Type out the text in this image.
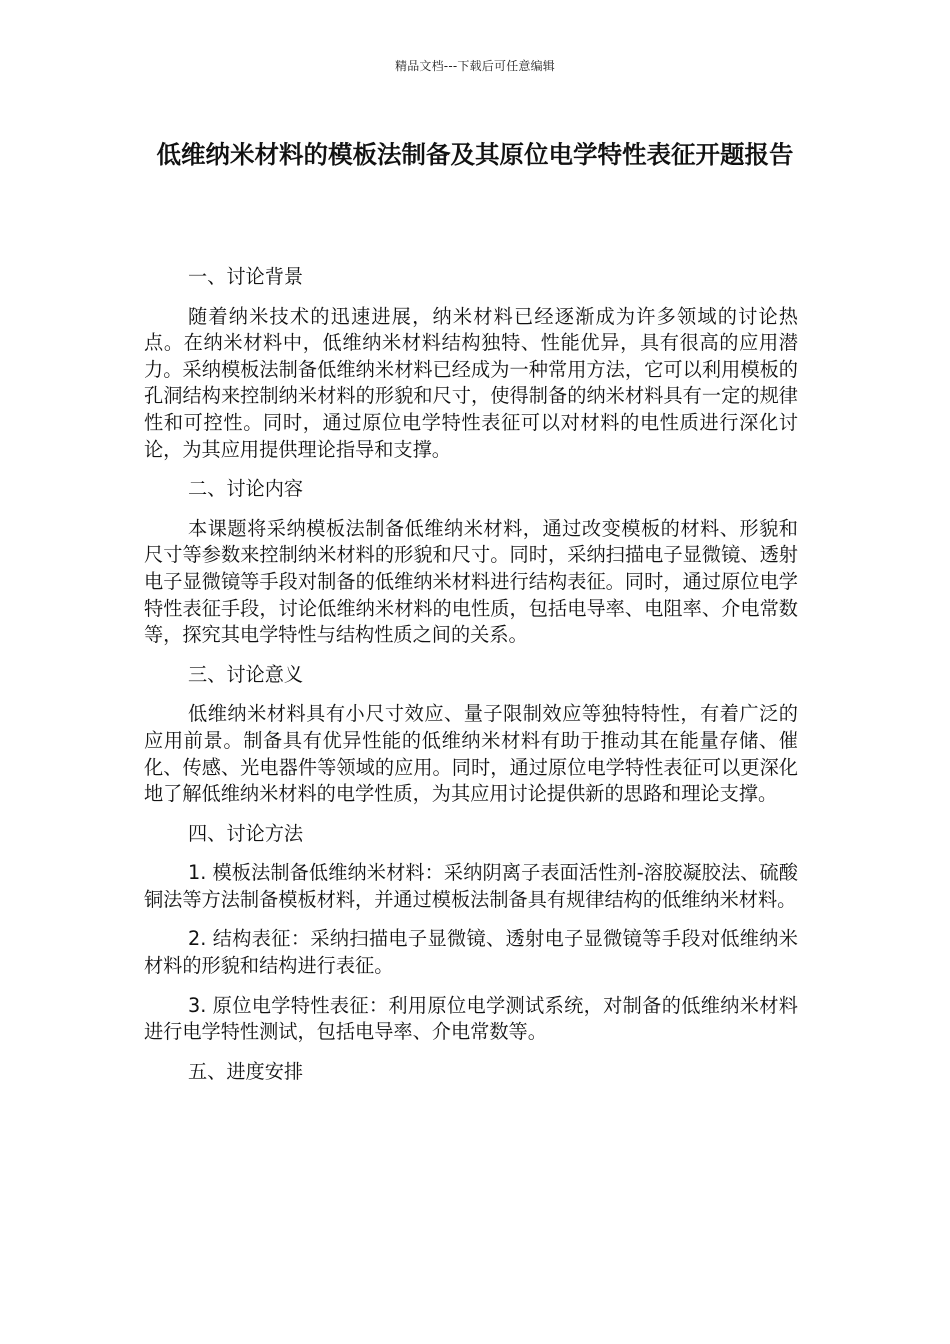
精品文档---下载后可任意编辑
低维纳米材料的模板法制备及其原位电学特性表征开题报告
一、讨论背景
随着纳米技术的迅速进展，纳米材料已经逐渐成为许多领域的讨论热点。在纳米材料中，低维纳米材料结构独特、性能优异，具有很高的应用潜力。采纳模板法制备低维纳米材料已经成为一种常用方法，它可以利用模板的孔洞结构来控制纳米材料的形貌和尺寸，使得制备的纳米材料具有一定的规律性和可控性。同时，通过原位电学特性表征可以对材料的电性质进行深化讨论，为其应用提供理论指导和支撑。
二、讨论内容
本课题将采纳模板法制备低维纳米材料，通过改变模板的材料、形貌和尺寸等参数来控制纳米材料的形貌和尺寸。同时，采纳扫描电子显微镜、透射电子显微镜等手段对制备的低维纳米材料进行结构表征。同时，通过原位电学特性表征手段，讨论低维纳米材料的电性质，包括电导率、电阻率、介电常数等，探究其电学特性与结构性质之间的关系。
三、讨论意义
低维纳米材料具有小尺寸效应、量子限制效应等独特特性，有着广泛的应用前景。制备具有优异性能的低维纳米材料有助于推动其在能量存储、催化、传感、光电器件等领域的应用。同时，通过原位电学特性表征可以更深化地了解低维纳米材料的电学性质，为其应用讨论提供新的思路和理论支撑。
四、讨论方法
1. 模板法制备低维纳米材料：采纳阴离子表面活性剂-溶胶凝胶法、硫酸铜法等方法制备模板材料，并通过模板法制备具有规律结构的低维纳米材料。
2. 结构表征：采纳扫描电子显微镜、透射电子显微镜等手段对低维纳米材料的形貌和结构进行表征。
3. 原位电学特性表征：利用原位电学测试系统，对制备的低维纳米材料进行电学特性测试，包括电导率、介电常数等。
五、进度安排
